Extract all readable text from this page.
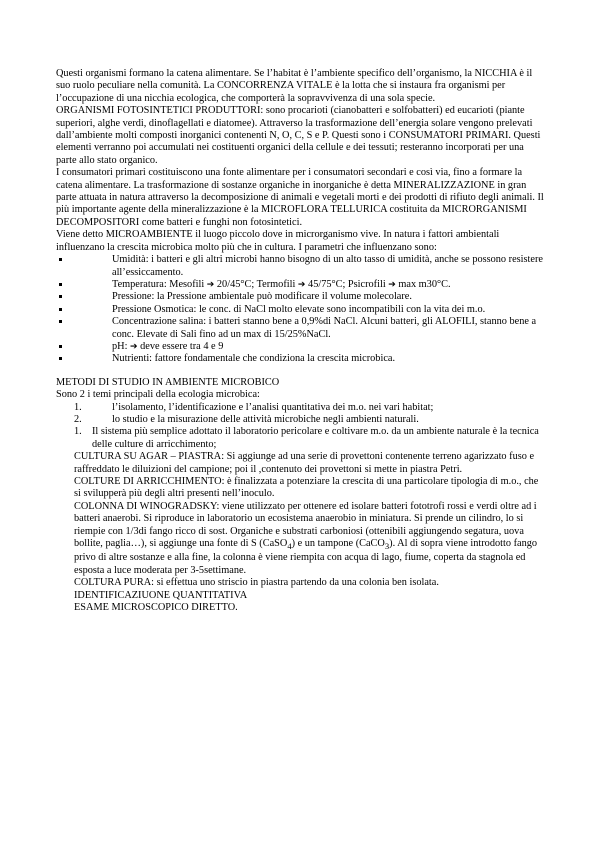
Questi organismi formano la catena alimentare. Se l’habitat è l’ambiente specifico dell’organismo, la NICCHIA è il suo ruolo peculiare nella comunità. La CONCORRENZA VITALE è la lotta che si instaura fra organismi per l’occupazione di una nicchia ecologica, che comporterà la sopravvivenza di una sola specie.

ORGANISMI FOTOSINTETICI PRODUTTORI: sono procarioti (cianobatteri e solfobatteri) ed eucarioti (piante superiori, alghe verdi, dinoflagellati e diatomee). Attraverso la trasformazione dell’energia solare vengono prelevati dall’ambiente molti composti inorganici contenenti N, O, C, S e P. Questi sono i CONSUMATORI PRIMARI. Questi elementi verranno poi accumulati nei costituenti organici della cellule e dei tessuti; resteranno incorporati per una parte allo stato organico.

I consumatori primari costituiscono una fonte alimentare per i consumatori secondari e così via, fino a formare la catena alimentare. La trasformazione di sostanze organiche in inorganiche è detta MINERALIZZAZIONE in gran parte attuata in natura attraverso la decomposizione di animali e vegetali morti e dei prodotti di rifiuto degli animali. Il più importante agente della mineralizzazione è la MICROFLORA TELLURICA costituita da MICRORGANISMI DECOMPOSITORI come batteri e funghi non fotosintetici.

Viene detto MICROAMBIENTE il luogo piccolo dove in microrganismo vive. In natura i fattori ambientali influenzano la crescita microbica molto più che in cultura. I parametri che influenzano sono:

Umidità: i batteri e gli altri microbi hanno bisogno di un alto tasso di umidità, anche se possono resistere all’essiccamento.
Temperatura: Mesofili ➔ 20/45°C; Termofili ➔ 45/75°C; Psicrofili ➔ max m30°C.
Pressione: la Pressione ambientale può modificare il volume molecolare.
Pressione Osmotica: le conc. di NaCl molto elevate sono incompatibili con la vita dei m.o.
Concentrazione salina: i batteri stanno bene a 0,9%di NaCl. Alcuni batteri, gli ALOFILI, stanno bene a conc. Elevate di Sali fino ad un max di 15/25%NaCl.
pH: ➔ deve essere tra 4 e 9
Nutrienti: fattore fondamentale che condiziona la crescita microbica.

METODI DI STUDIO IN AMBIENTE MICROBICO

Sono 2 i temi principali della ecologia microbica:

1.	l’isolamento, l’identificazione e l’analisi quantitativa dei m.o. nei vari habitat;
2.	lo studio e la misurazione delle attività microbiche negli ambienti naturali.
1. Il sistema più semplice adottato il laboratorio pericolare e coltivare m.o. da un ambiente naturale è la tecnica delle culture di arricchimento;

CULTURA SU AGAR – PIASTRA: Si aggiunge ad una serie di provettoni contenente terreno agarizzato fuso e raffreddato le diluizioni del campione; poi il ,contenuto dei provettoni si mette in piastra Petri.

COLTURE DI ARRICCHIMENTO: è finalizzata a potenziare la crescita di una particolare tipologia di m.o., che si svilupperà più degli altri presenti nell’inoculo.

COLONNA DI WINOGRADSKY: viene utilizzato per ottenere ed isolare batteri fototrofi rossi e verdi oltre ad i batteri anaerobi. Si riproduce in laboratorio un ecosistema anaerobio in miniatura. Si prende un cilindro, lo si riempie con 1/3di fango ricco di sost. Organiche e substrati carboniosi (ottenibili aggiungendo segatura, uova bollite, paglia…), si aggiunge una fonte di S (CaSO$_4$) e un tampone (CaCO$_3$). Al di sopra viene introdotto fango privo di altre sostanze e alla fine, la colonna è viene riempita con acqua di lago, fiume, coperta da stagnola ed esposta a luce moderata per 3-5settimane.

COLTURA PURA: si effettua uno striscio in piastra partendo da una colonia ben isolata.

IDENTIFICAZIUONE QUANTITATIVA

ESAME MICROSCOPICO DIRETTO.
